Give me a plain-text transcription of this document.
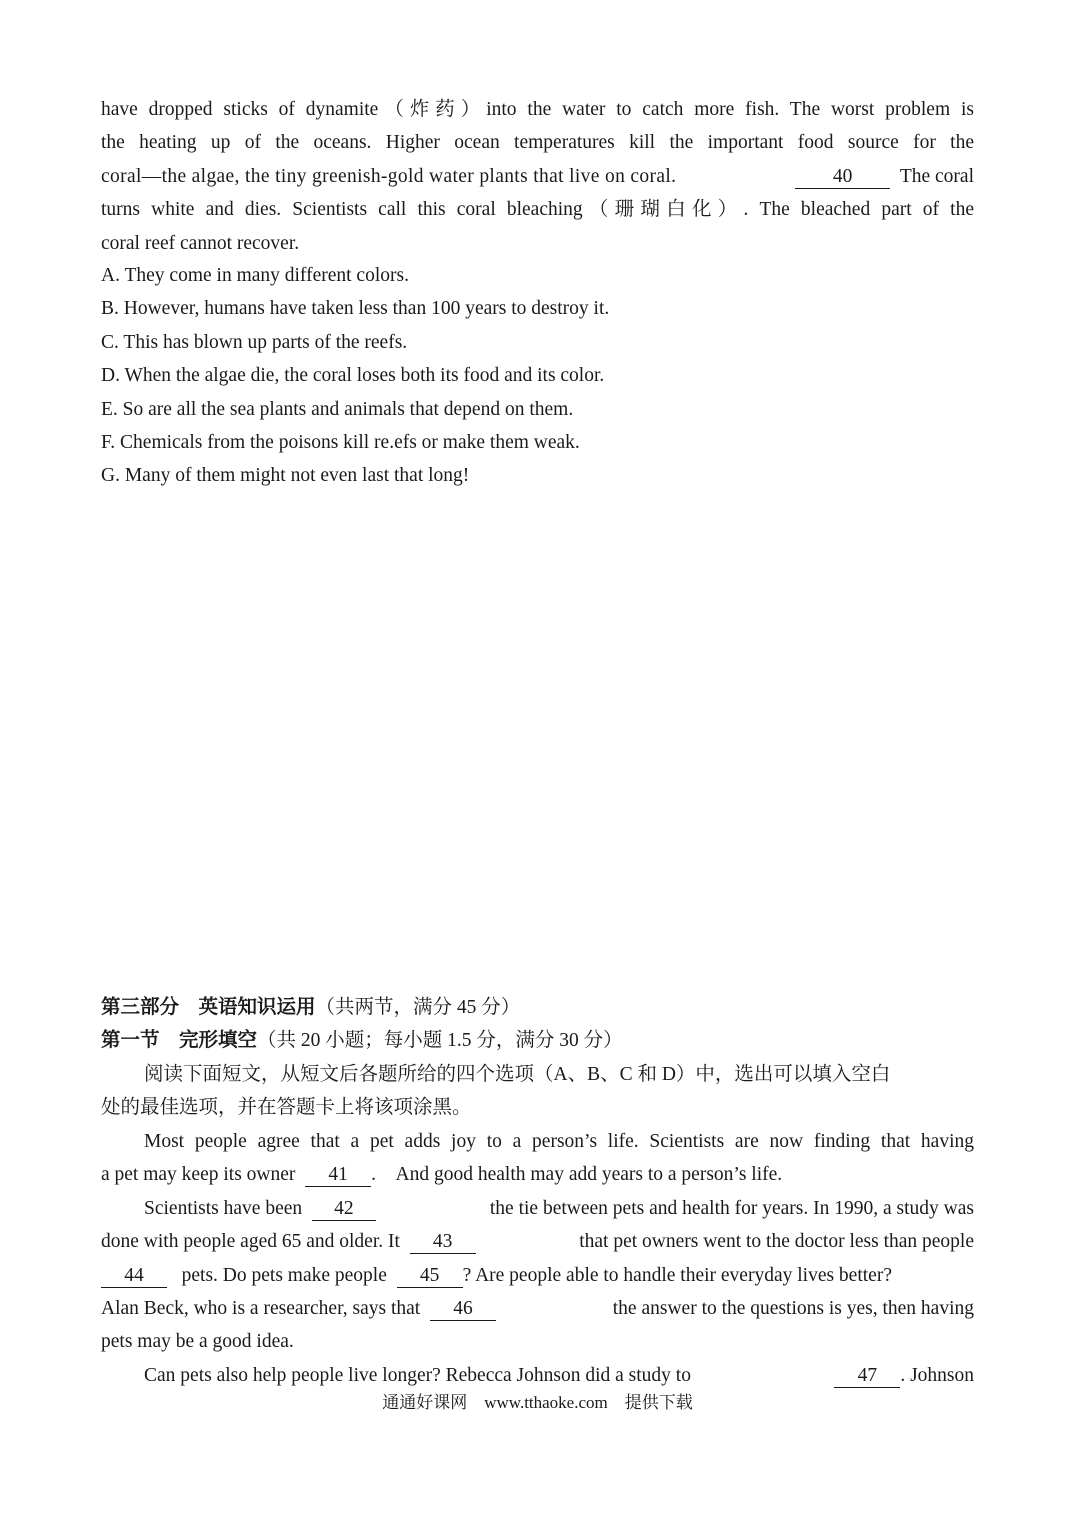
have dropped sticks of dynamite（炸药）into the water to catch more fish. The worst problem is
the heating up of the oceans. Higher ocean temperatures kill the important food source for the
coral—the algae, the tiny greenish-gold water plants that live on coral.	40 The coral
turns white and dies. Scientists call this coral bleaching（珊瑚白化）. The bleached part of the
coral reef cannot recover.
A. They come in many different colors.
B. However, humans have taken less than 100 years to destroy it.
C. This has blown up parts of the reefs.
D. When the algae die, the coral loses both its food and its color.
E. So are all the sea plants and animals that depend on them.
F. Chemicals from the poisons kill re.efs or make them weak.
G. Many of them might not even last that long!
第三部分　英语知识运用（共两节，满分 45 分）
第一节　完形填空（共 20 小题；每小题 1.5 分，满分 30 分）
阅读下面短文，从短文后各题所给的四个选项（A、B、C 和 D）中，选出可以填入空白
处的最佳选项，并在答题卡上将该项涂黑。
Most people agree that a pet adds joy to a person’s life. Scientists are now finding that having
a pet may keep its owner 41 .　And good health may add years to a person’s life.
Scientists have been 42	the tie between pets and health for years. In 1990, a study was
done with people aged 65 and older. It 43	that pet owners went to the doctor less than people
44 pets. Do pets make people 45 ? Are people able to handle their everyday lives better?
Alan Beck, who is a researcher, says that 46	the answer to the questions is yes, then having
pets may be a good idea.
Can pets also help people live longer? Rebecca Johnson did a study to	47 . Johnson
通通好课网　www.tthaoke.com　提供下载
